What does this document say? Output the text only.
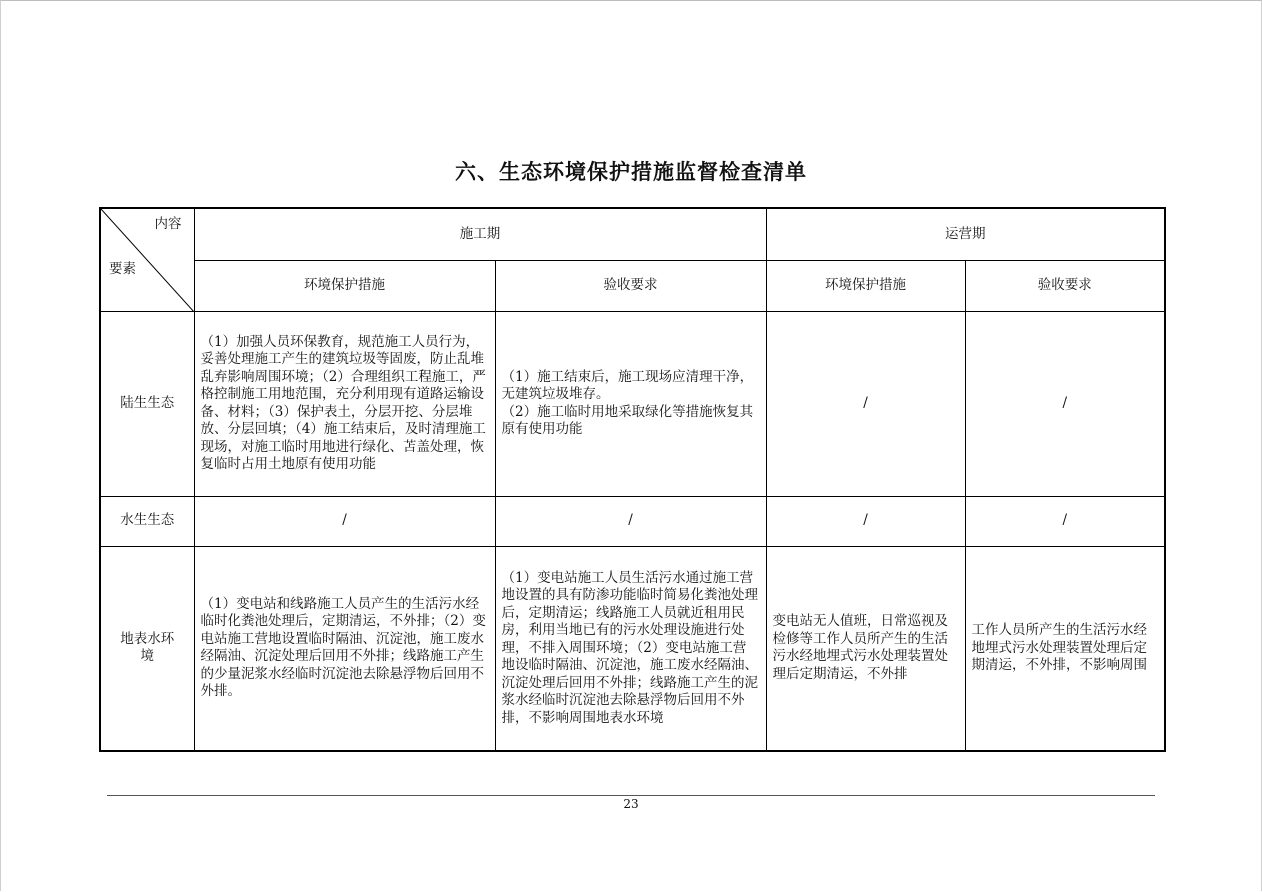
六、生态环境保护措施监督检查清单
内容
要素	施工期		运营期	
	环境保护措施	验收要求	环境保护措施	验收要求
陆生生态	（1）加强人员环保教育，规范施工人员行为，妥善处理施工产生的建筑垃圾等固废，防止乱堆乱弃影响周围环境；（2）合理组织工程施工，严格控制施工用地范围，充分利用现有道路运输设备、材料；（3）保护表土，分层开挖、分层堆放、分层回填；（4）施工结束后，及时清理施工现场，对施工临时用地进行绿化、苫盖处理，恢复临时占用土地原有使用功能	（1）施工结束后，施工现场应清理干净，无建筑垃圾堆存。
（2）施工临时用地采取绿化等措施恢复其原有使用功能	/	/
水生生态	/	/	/	/
地表水环境	（1）变电站和线路施工人员产生的生活污水经临时化粪池处理后，定期清运，不外排；（2）变电站施工营地设置临时隔油、沉淀池，施工废水经隔油、沉淀处理后回用不外排；线路施工产生的少量泥浆水经临时沉淀池去除悬浮物后回用不外排。	（1）变电站施工人员生活污水通过施工营地设置的具有防渗功能临时简易化粪池处理后，定期清运；线路施工人员就近租用民房，利用当地已有的污水处理设施进行处理，不排入周围环境；（2）变电站施工营地设临时隔油、沉淀池，施工废水经隔油、沉淀处理后回用不外排；线路施工产生的泥浆水经临时沉淀池去除悬浮物后回用不外排，不影响周围地表水环境	变电站无人值班，日常巡视及检修等工作人员所产生的生活污水经地埋式污水处理装置处理后定期清运，不外排	工作人员所产生的生活污水经地埋式污水处理装置处理后定期清运，不外排，不影响周围
23
